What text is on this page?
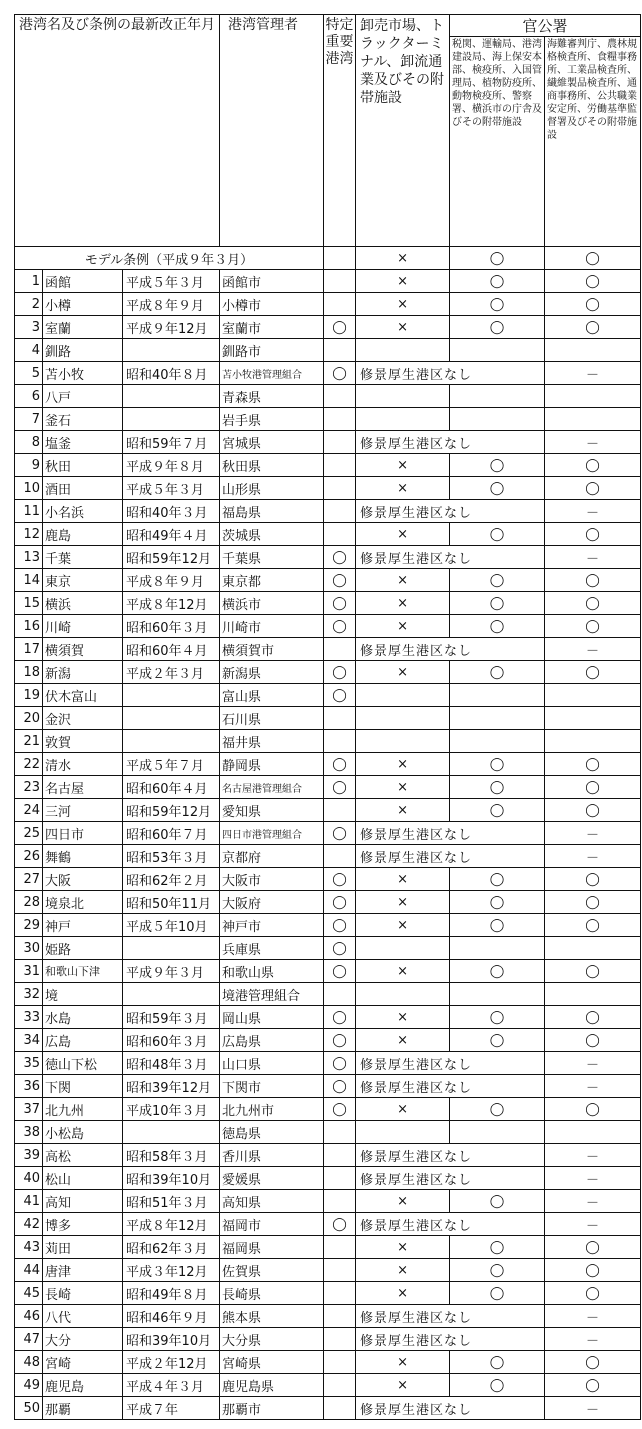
港湾名及び条例の最新改正年月			港湾管理者	特定重要港湾	卸売市場、トラックターミナル、卸流通業及びその附帯施設	官公署	
						税関、運輸局、港湾建設局、海上保安本部、検疫所、入国管理局、植物防疫所、動物検疫所、警察署、横浜市の庁舎及びその附帯施設	海難審判庁、農林規格検査所、食糧事務所、工業品検査所、繊維製品検査所、通商事務所、公共職業安定所、労働基準監督署及びその附帯施設
モデル条例（平成９年３月）					×	◯	◯
1	函館	平成５年３月	函館市		×	◯	◯
2	小樽	平成８年９月	小樽市		×	◯	◯
3	室蘭	平成９年12月	室蘭市	◯	×	◯	◯
4	釧路		釧路市				
5	苫小牧	昭和40年８月	苫小牧港管理組合	◯	修景厚生港区なし		－
6	八戸		青森県				
7	釜石		岩手県				
8	塩釜	昭和59年７月	宮城県		修景厚生港区なし		－
9	秋田	平成９年８月	秋田県		×	◯	◯
10	酒田	平成５年３月	山形県		×	◯	◯
11	小名浜	昭和40年３月	福島県		修景厚生港区なし		－
12	鹿島	昭和49年４月	茨城県		×	◯	◯
13	千葉	昭和59年12月	千葉県	◯	修景厚生港区なし		－
14	東京	平成８年９月	東京都	◯	×	◯	◯
15	横浜	平成８年12月	横浜市	◯	×	◯	◯
16	川崎	昭和60年３月	川崎市	◯	×	◯	◯
17	横須賀	昭和60年４月	横須賀市		修景厚生港区なし		－
18	新潟	平成２年３月	新潟県	◯	×	◯	◯
19	伏木富山		富山県	◯			
20	金沢		石川県				
21	敦賀		福井県				
22	清水	平成５年７月	静岡県	◯	×	◯	◯
23	名古屋	昭和60年４月	名古屋港管理組合	◯	×	◯	◯
24	三河	昭和59年12月	愛知県		×	◯	◯
25	四日市	昭和60年７月	四日市港管理組合	◯	修景厚生港区なし		－
26	舞鶴	昭和53年３月	京都府		修景厚生港区なし		－
27	大阪	昭和62年２月	大阪市	◯	×	◯	◯
28	境泉北	昭和50年11月	大阪府	◯	×	◯	◯
29	神戸	平成５年10月	神戸市	◯	×	◯	◯
30	姫路		兵庫県	◯			
31	和歌山下津	平成９年３月	和歌山県	◯	×	◯	◯
32	境		境港管理組合				
33	水島	昭和59年３月	岡山県	◯	×	◯	◯
34	広島	昭和60年３月	広島県	◯	×	◯	◯
35	徳山下松	昭和48年３月	山口県	◯	修景厚生港区なし		－
36	下関	昭和39年12月	下関市	◯	修景厚生港区なし		－
37	北九州	平成10年３月	北九州市	◯	×	◯	◯
38	小松島		徳島県				
39	高松	昭和58年３月	香川県		修景厚生港区なし		－
40	松山	昭和39年10月	愛媛県		修景厚生港区なし		－
41	高知	昭和51年３月	高知県		×	◯	－
42	博多	平成８年12月	福岡市	◯	修景厚生港区なし		－
43	苅田	昭和62年３月	福岡県		×	◯	◯
44	唐津	平成３年12月	佐賀県		×	◯	◯
45	長崎	昭和49年８月	長崎県		×	◯	◯
46	八代	昭和46年９月	熊本県		修景厚生港区なし		－
47	大分	昭和39年10月	大分県		修景厚生港区なし		－
48	宮崎	平成２年12月	宮崎県		×	◯	◯
49	鹿児島	平成４年３月	鹿児島県		×	◯	◯
50	那覇	平成７年	那覇市		修景厚生港区なし		－
